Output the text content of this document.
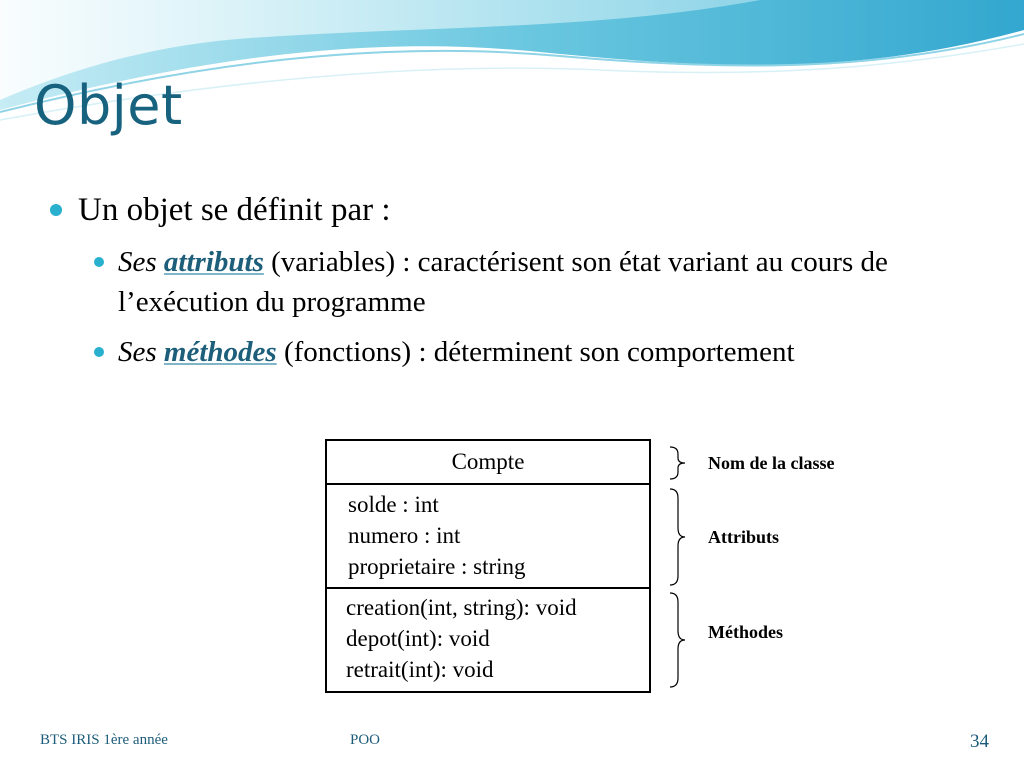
Objet
Un objet se définit par :
Ses attributs (variables) : caractérisent son état variant au cours de l’exécution du programme
Ses méthodes (fonctions) : déterminent son comportement
Compte
solde : int
numero : int
proprietaire : string
creation(int, string): void
depot(int): void
retrait(int): void
Nom de la classe
Attributs
Méthodes
BTS IRIS 1ère année	POO	34
